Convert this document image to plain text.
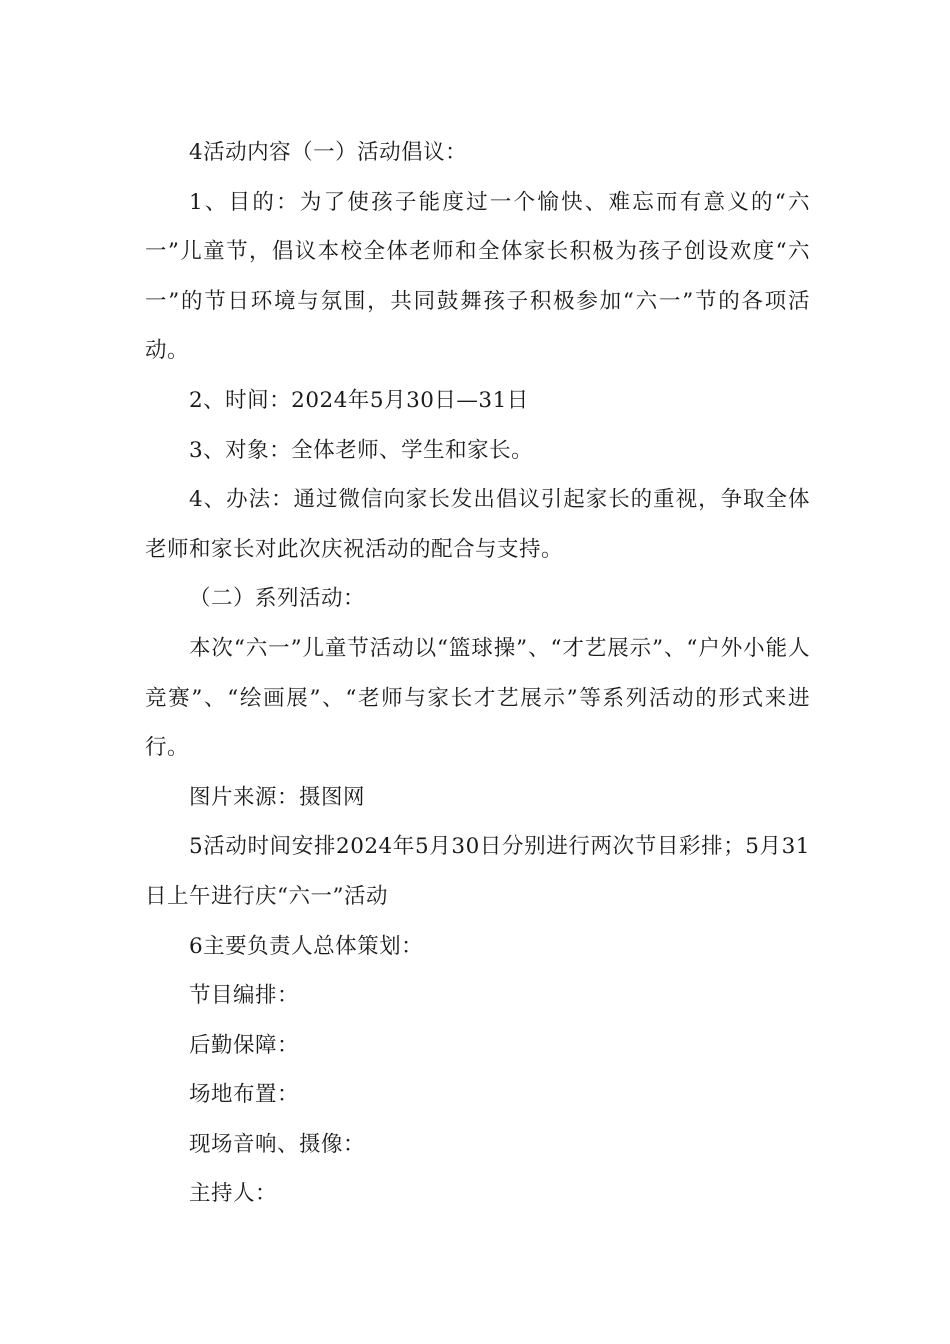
4活动内容（一）活动倡议：

1、目的：为了使孩子能度过一个愉快、难忘而有意义的“六一”儿童节，倡议本校全体老师和全体家长积极为孩子创设欢度“六一”的节日环境与氛围，共同鼓舞孩子积极参加“六一”节的各项活动。

2、时间：2024年5月30日—31日

3、对象：全体老师、学生和家长。

4、办法：通过微信向家长发出倡议引起家长的重视，争取全体老师和家长对此次庆祝活动的配合与支持。

（二）系列活动：

本次“六一”儿童节活动以“篮球操”、“才艺展示”、“户外小能人竞赛”、“绘画展”、“老师与家长才艺展示”等系列活动的形式来进行。

图片来源：摄图网

5活动时间安排2024年5月30日分别进行两次节目彩排；5月31日上午进行庆“六一”活动

6主要负责人总体策划：

节目编排：

后勤保障：

场地布置：

现场音响、摄像：

主持人：
